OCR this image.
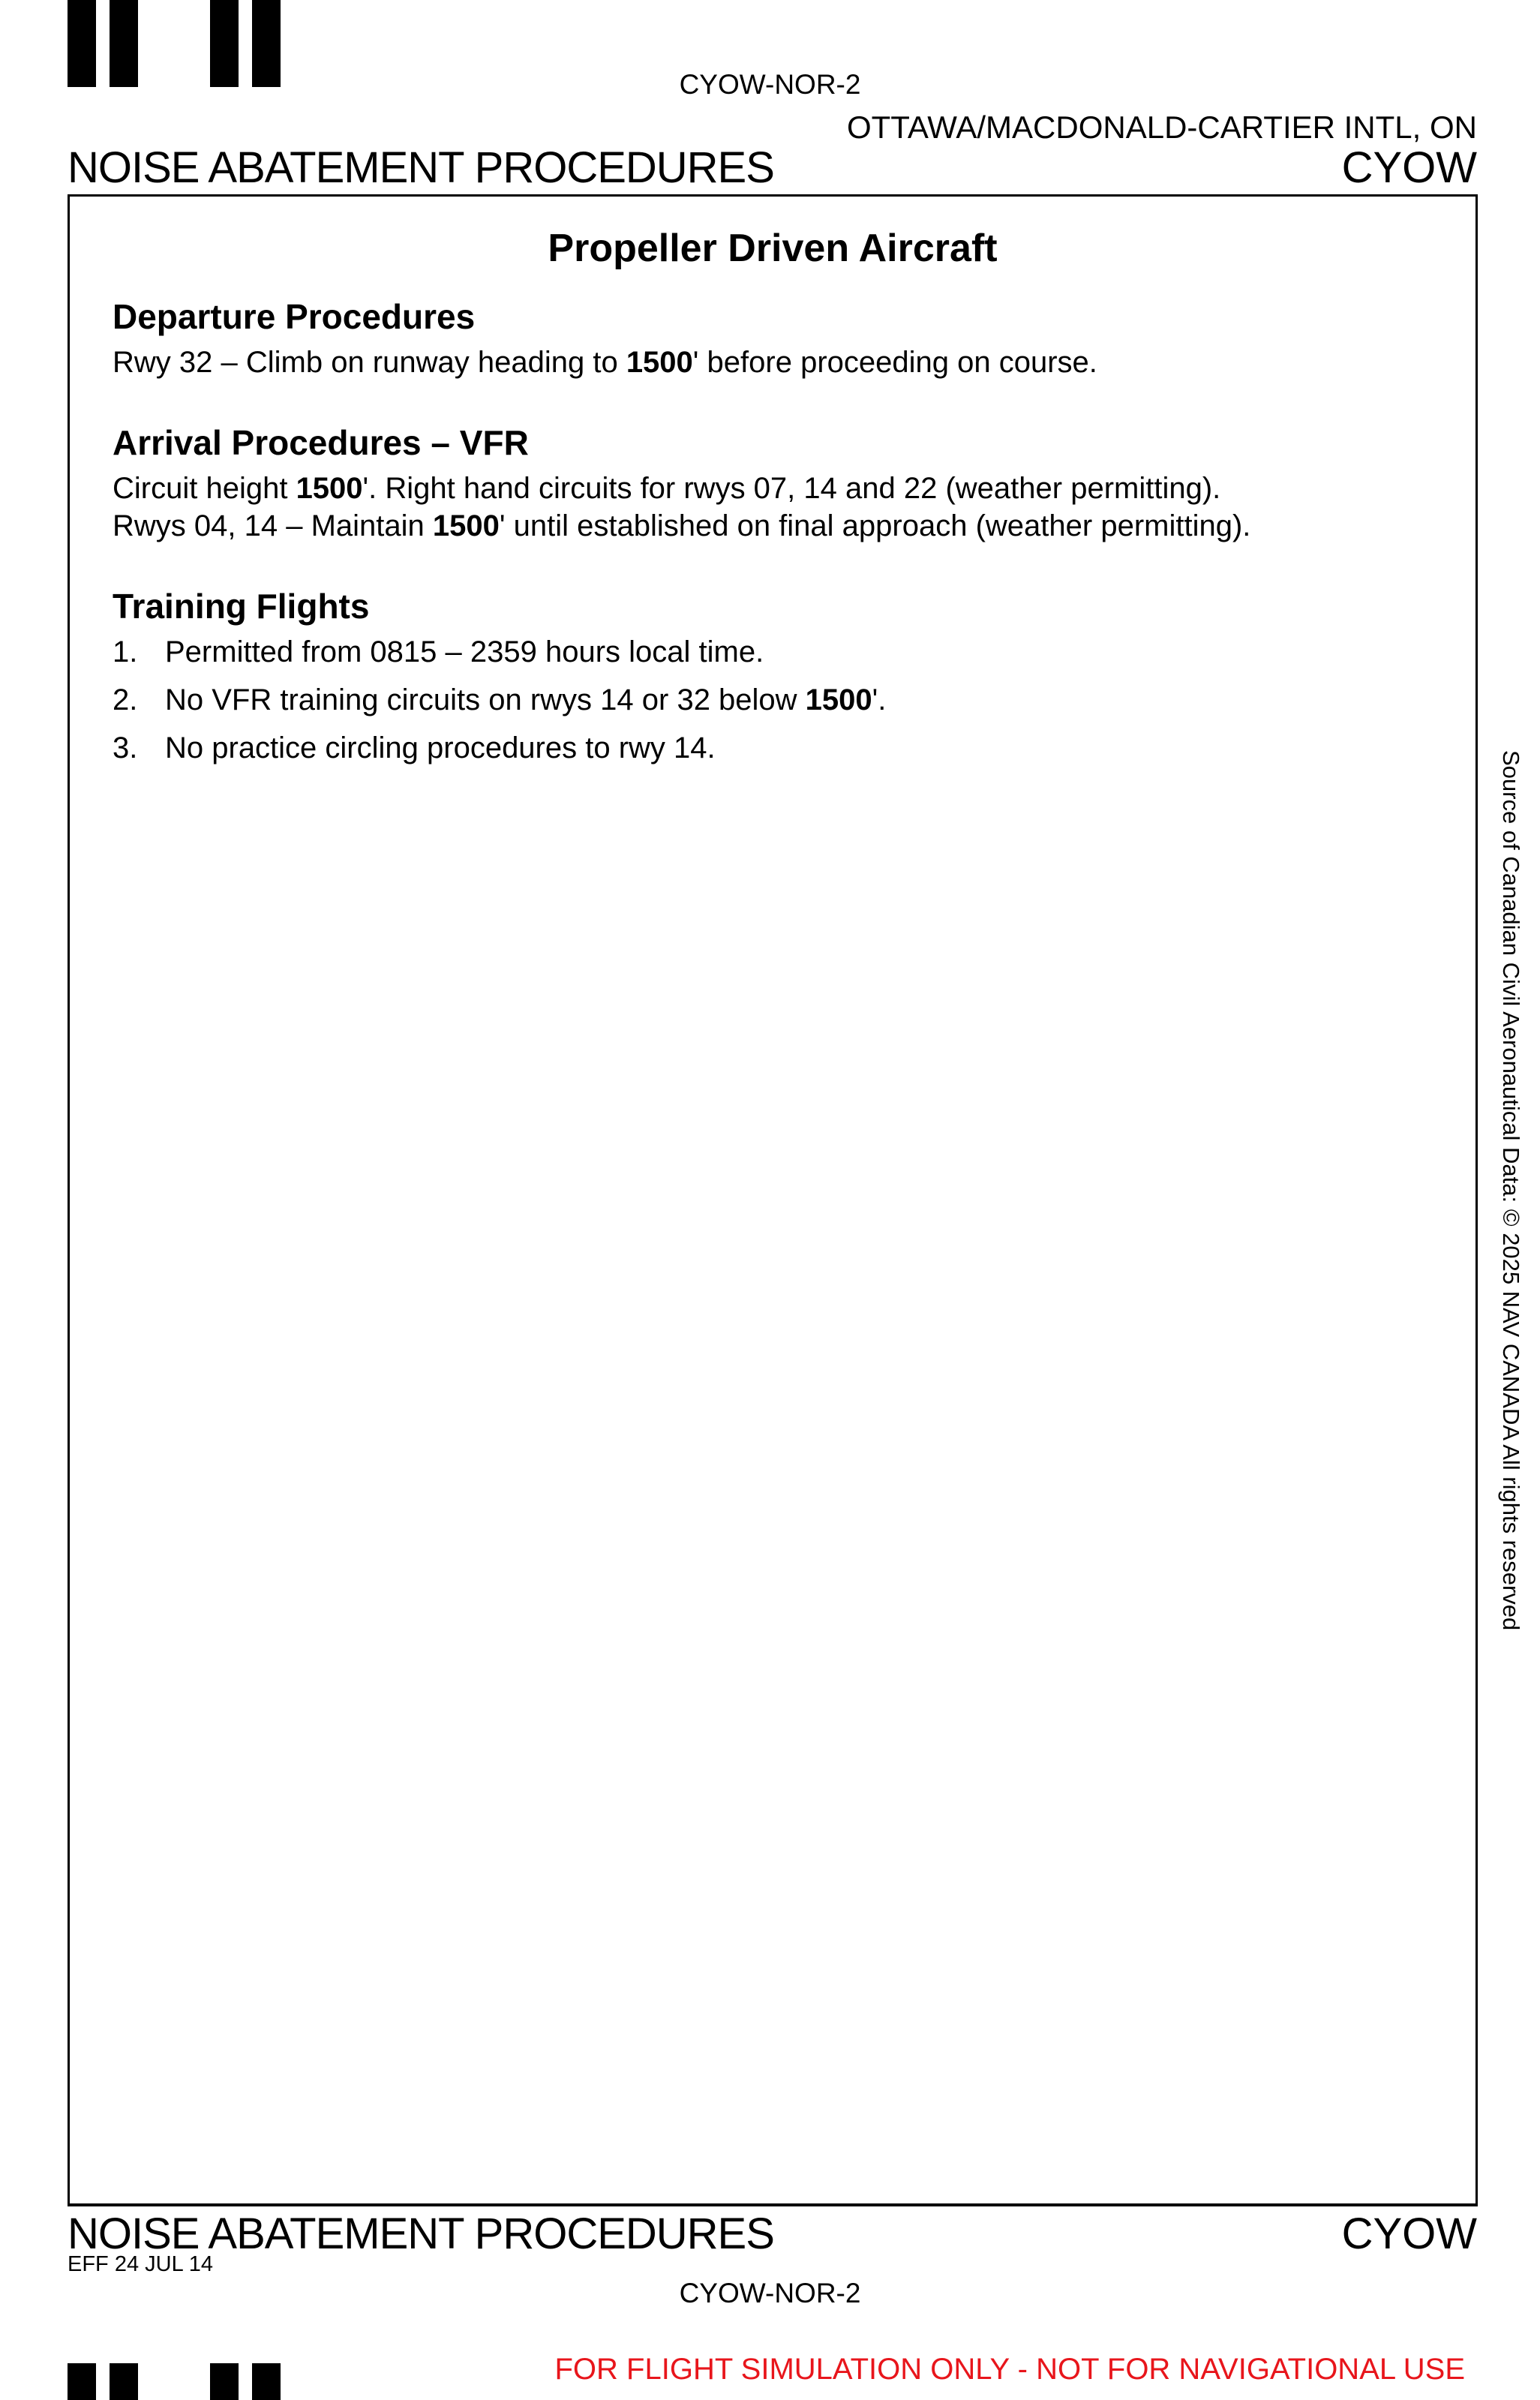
CYOW-NOR-2
OTTAWA/MACDONALD-CARTIER INTL, ON
NOISE ABATEMENT PROCEDURES	CYOW
Propeller Driven Aircraft
Departure Procedures

Rwy 32 – Climb on runway heading to 1500' before proceeding on course.

Arrival Procedures – VFR

Circuit height 1500'. Right hand circuits for rwys 07, 14 and 22 (weather permitting).

Rwys 04, 14 – Maintain 1500' until established on final approach (weather permitting).

Training Flights
1. Permitted from 0815 – 2359 hours local time.
2. No VFR training circuits on rwys 14 or 32 below 1500'.
3. No practice circling procedures to rwy 14.
Source of Canadian Civil Aeronautical Data: © 2025 NAV CANADA All rights reserved
NOISE ABATEMENT PROCEDURES	CYOW
EFF 24 JUL 14
CYOW-NOR-2
FOR FLIGHT SIMULATION ONLY - NOT FOR NAVIGATIONAL USE
